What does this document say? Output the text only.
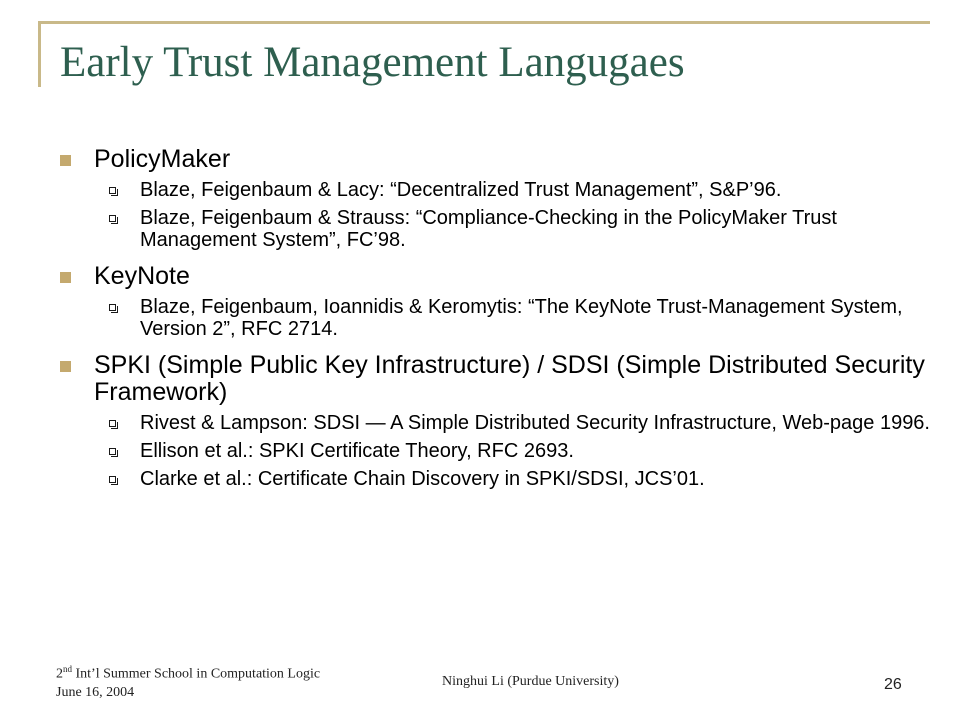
Early Trust Management Langugaes
PolicyMaker
Blaze, Feigenbaum & Lacy: “Decentralized Trust Management”, S&P’96.
Blaze, Feigenbaum & Strauss: “Compliance-Checking in the PolicyMaker Trust Management System”, FC’98.
KeyNote
Blaze, Feigenbaum, Ioannidis & Keromytis: “The KeyNote Trust-Management System, Version 2”, RFC 2714.
SPKI (Simple Public Key Infrastructure) / SDSI (Simple Distributed Security Framework)
Rivest & Lampson: SDSI — A Simple Distributed Security Infrastructure, Web-page 1996.
Ellison et al.: SPKI Certificate Theory, RFC 2693.
Clarke et al.: Certificate Chain Discovery in SPKI/SDSI, JCS’01.
2nd Int’l Summer School in Computation Logic
June 16, 2004
Ninghui Li (Purdue University)	26
